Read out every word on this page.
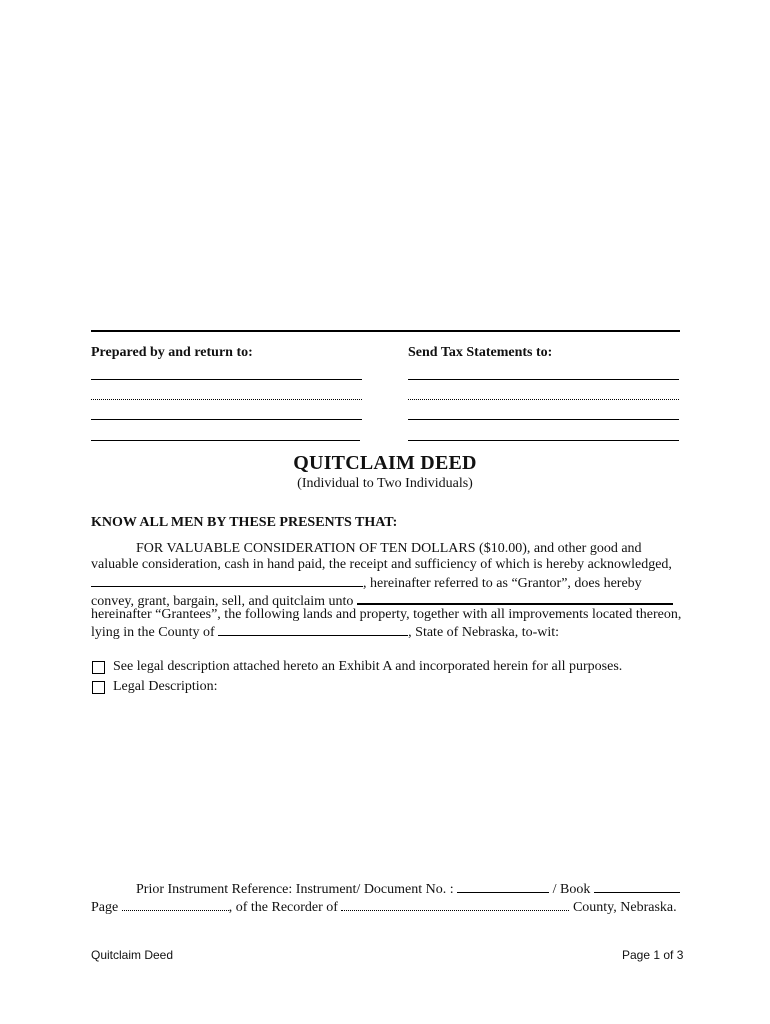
Prepared by and return to:	Send Tax Statements to:
QUITCLAIM DEED
(Individual to Two Individuals)
KNOW ALL MEN BY THESE PRESENTS THAT:
FOR VALUABLE CONSIDERATION OF TEN DOLLARS ($10.00), and other good and
valuable consideration, cash in hand paid, the receipt and sufficiency of which is hereby acknowledged,
, hereinafter referred to as “Grantor”, does hereby
convey, grant, bargain, sell, and quitclaim unto
hereinafter “Grantees”, the following lands and property, together with all improvements located thereon,
lying in the County of	, State of Nebraska, to-wit:
See legal description attached hereto an Exhibit A and incorporated herein for all purposes.
Legal Description:
Prior Instrument Reference: Instrument/ Document No. :	/ Book
Page	, of the Recorder of	County, Nebraska.
Quitclaim Deed	Page 1 of 3
